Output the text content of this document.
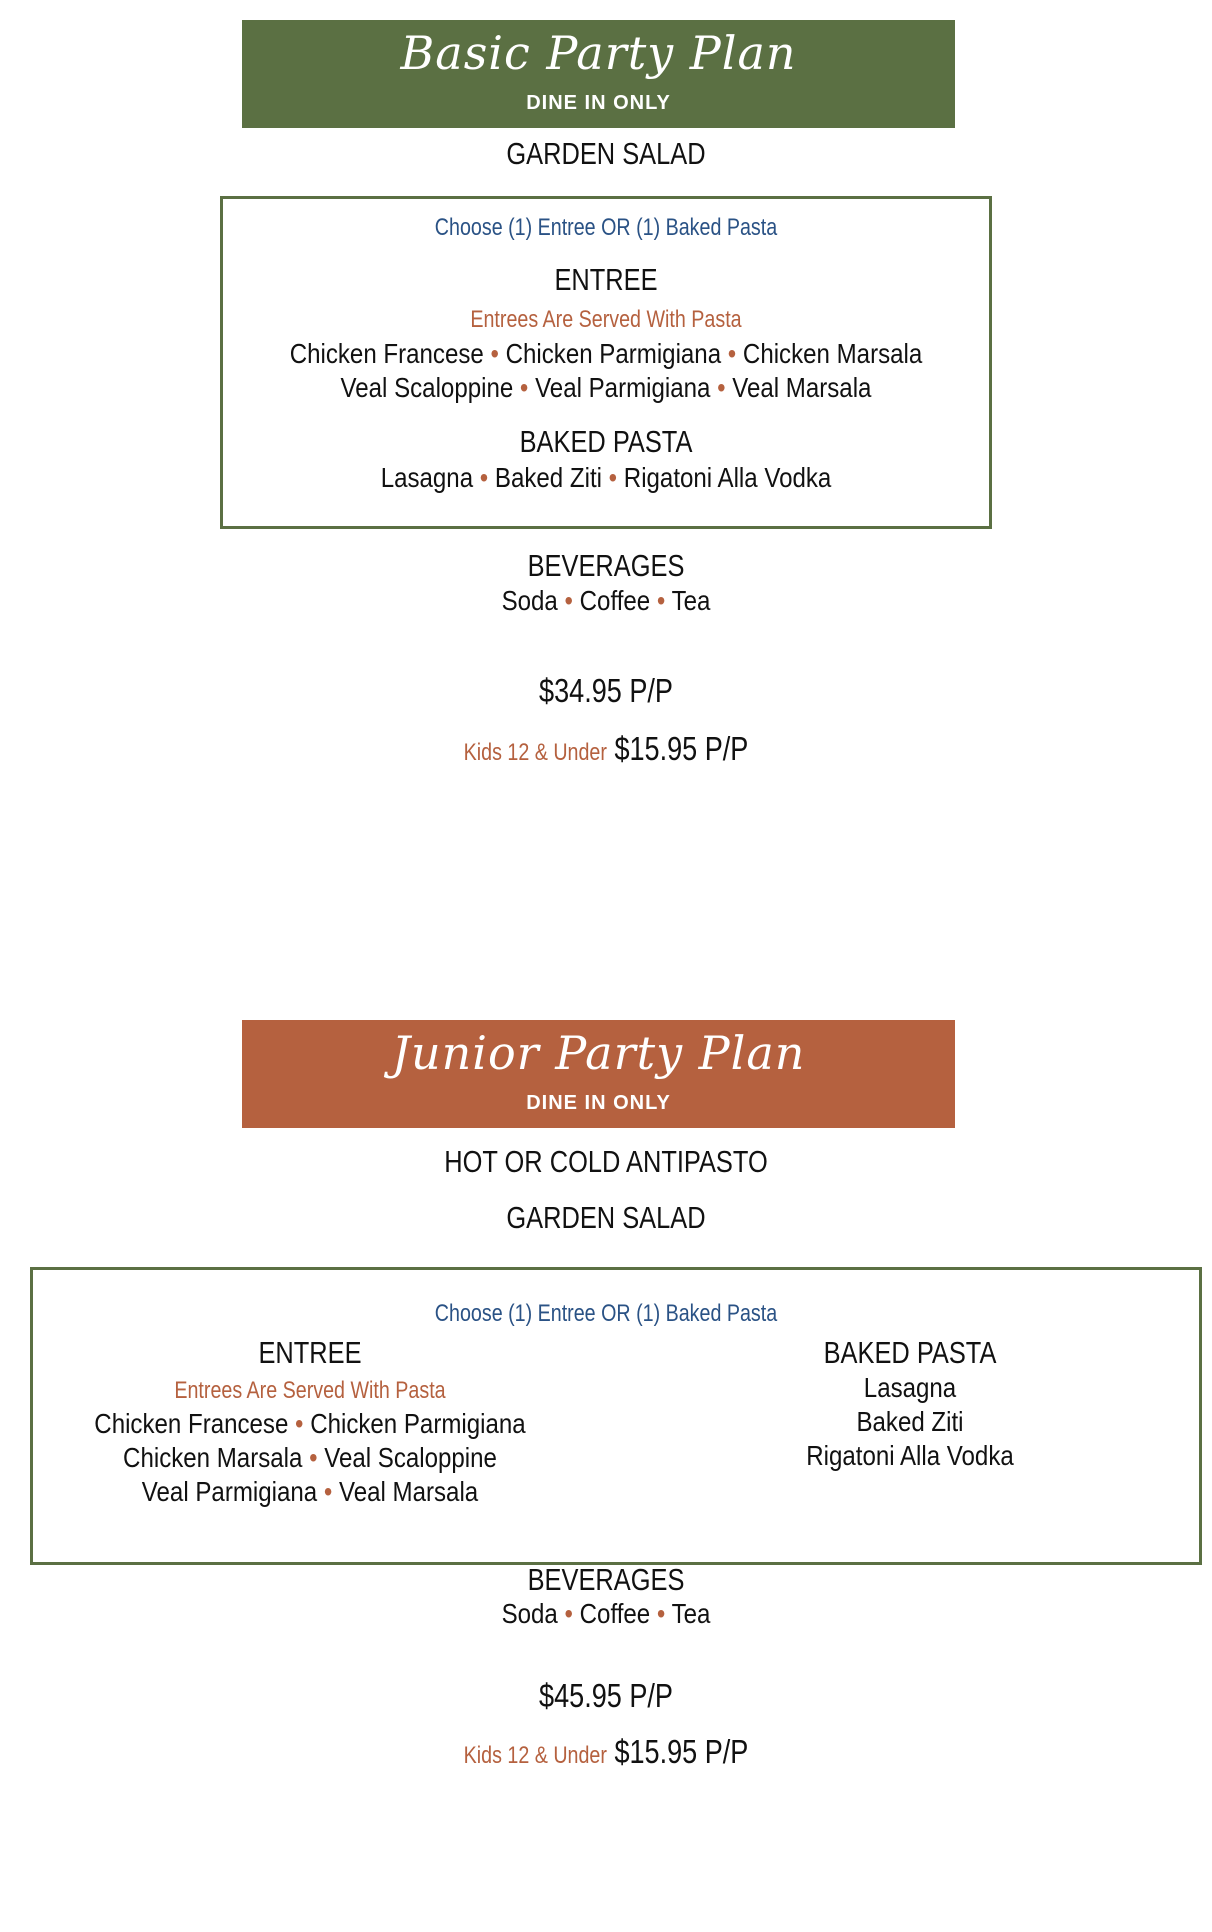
Basic Party Plan
DINE IN ONLY
GARDEN SALAD
Choose (1) Entree OR (1) Baked Pasta
ENTREE
Entrees Are Served With Pasta
Chicken Francese • Chicken Parmigiana • Chicken Marsala
Veal Scaloppine • Veal Parmigiana • Veal Marsala
BAKED PASTA
Lasagna • Baked Ziti • Rigatoni Alla Vodka
BEVERAGES
Soda • Coffee • Tea
$34.95 P/P
Kids 12 & Under $15.95 P/P
Junior Party Plan
DINE IN ONLY
HOT OR COLD ANTIPASTO
GARDEN SALAD
Choose (1) Entree OR (1) Baked Pasta
ENTREE
Entrees Are Served With Pasta
Chicken Francese • Chicken Parmigiana
Chicken Marsala • Veal Scaloppine
Veal Parmigiana • Veal Marsala
BAKED PASTA
Lasagna
Baked Ziti
Rigatoni Alla Vodka
BEVERAGES
Soda • Coffee • Tea
$45.95 P/P
Kids 12 & Under $15.95 P/P
